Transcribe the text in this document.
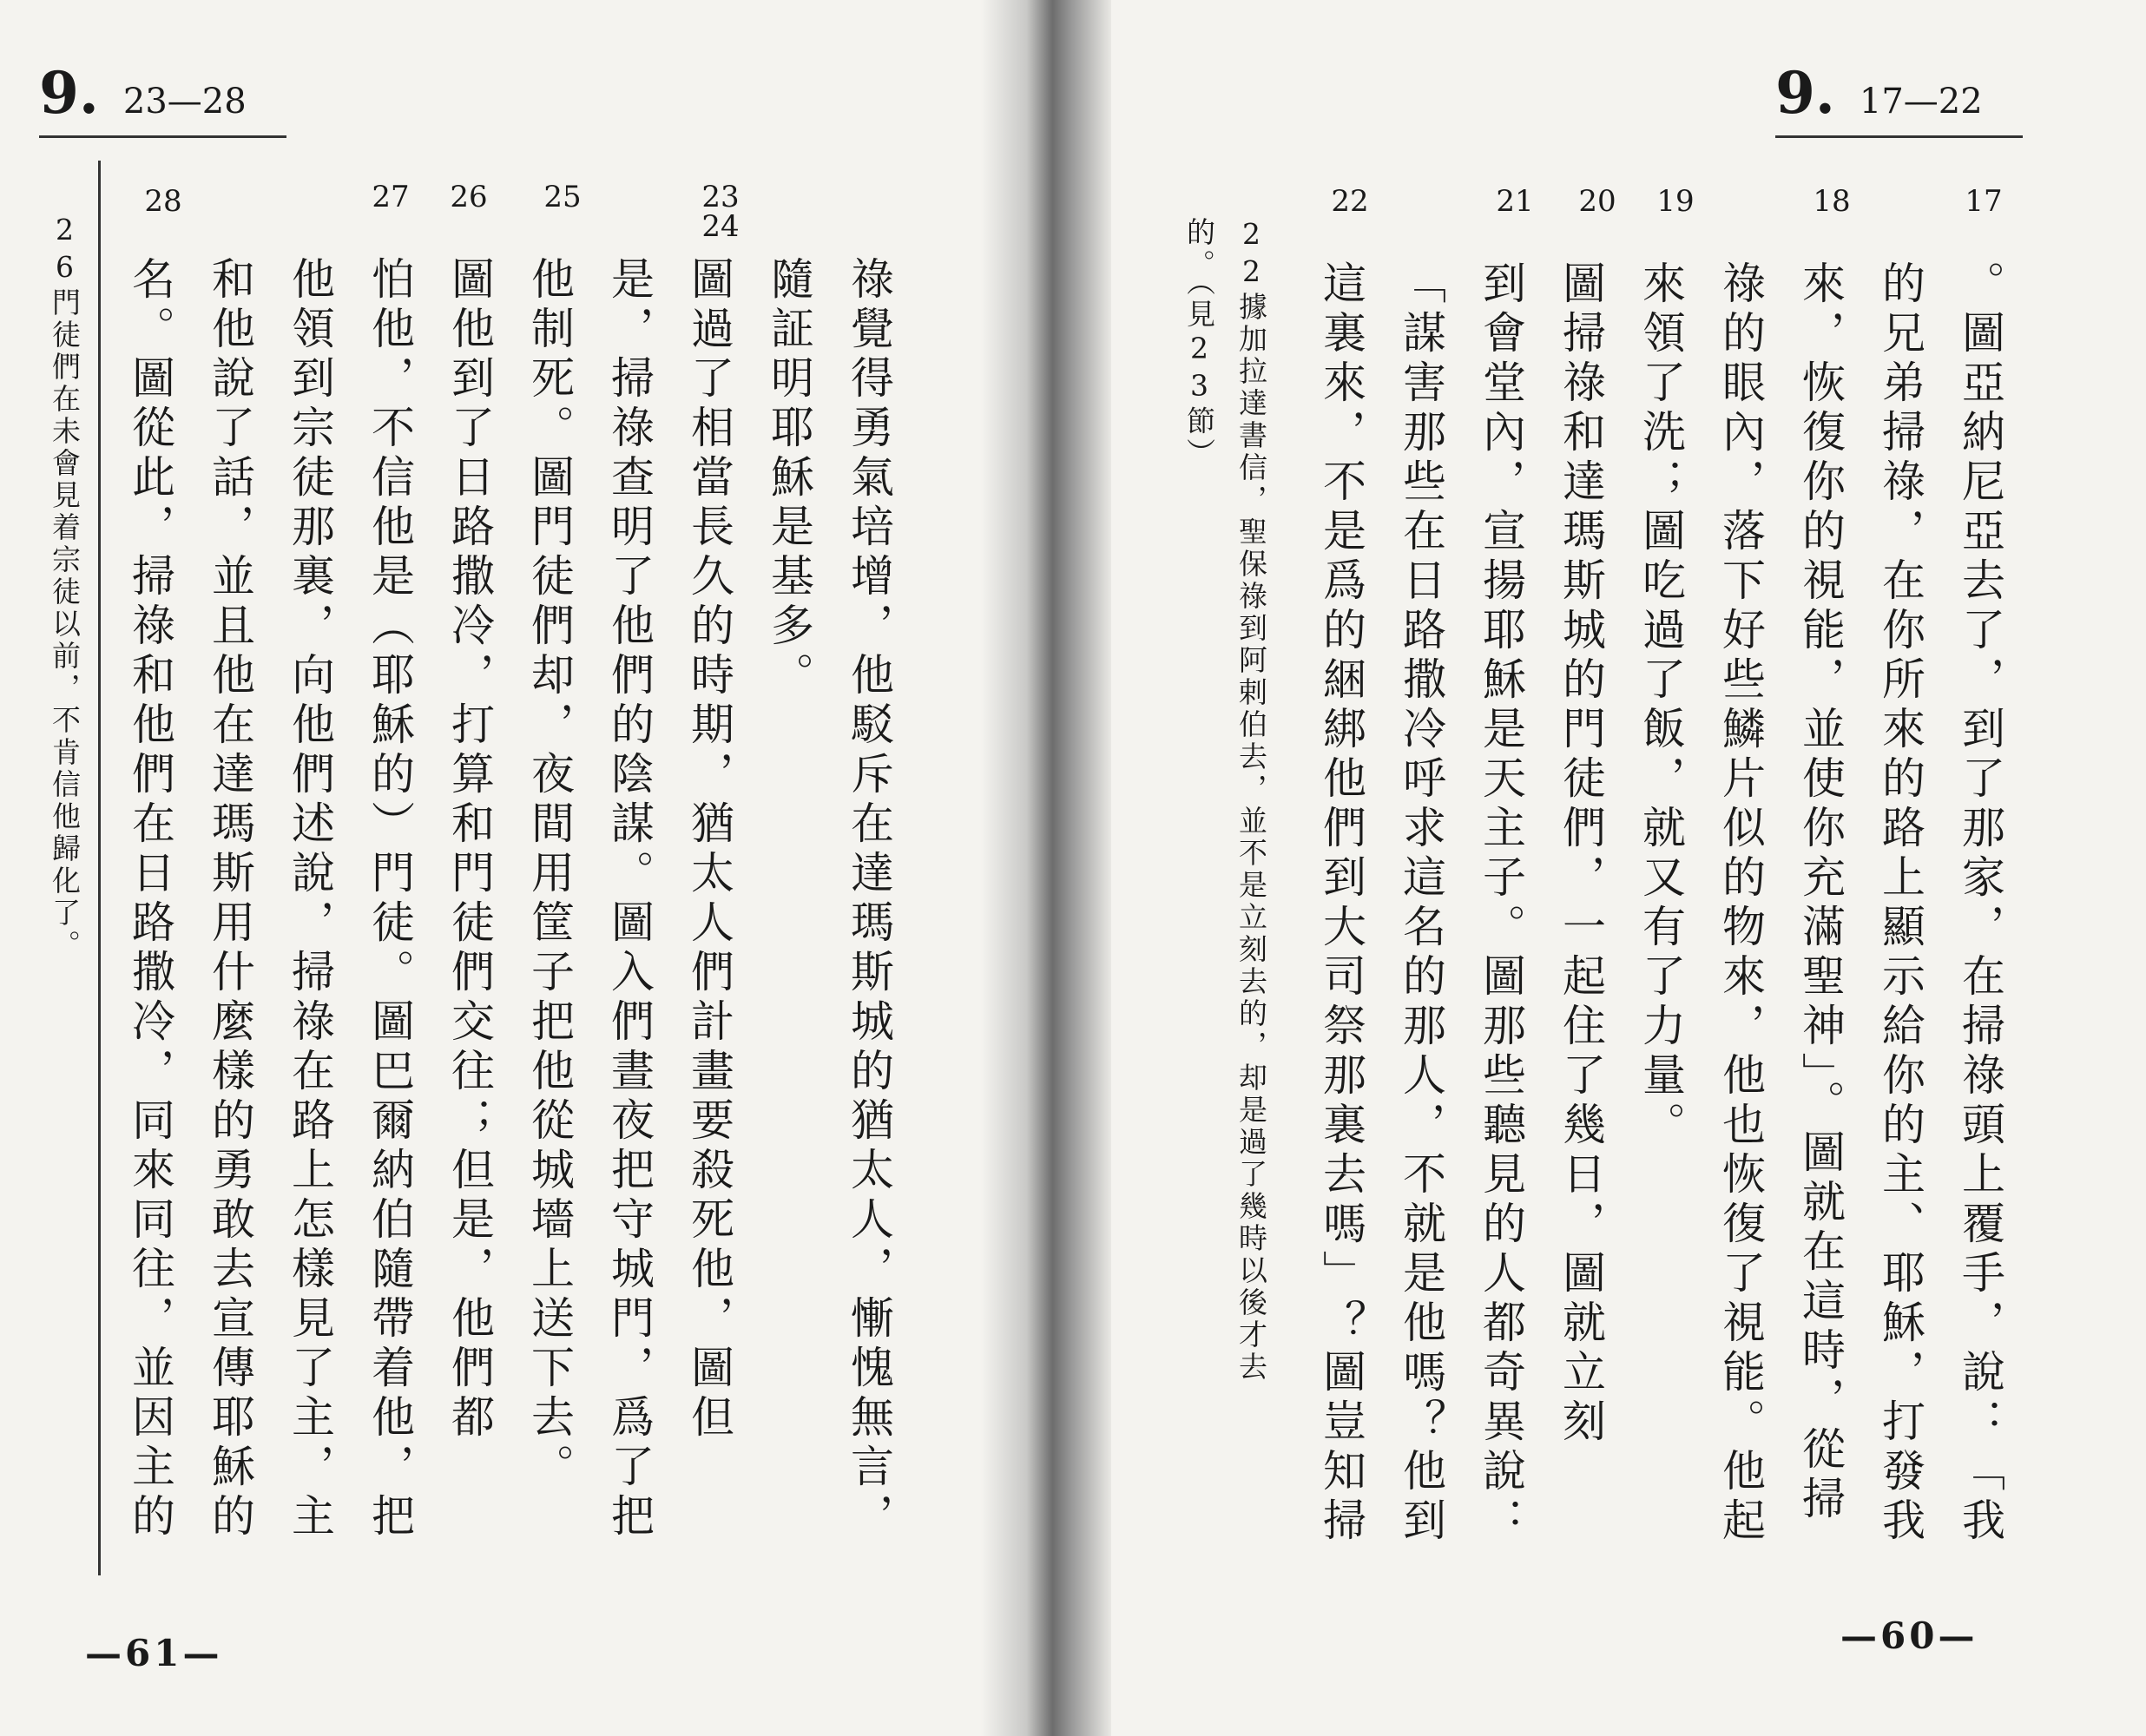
9. 23—28
26門徒們在未會見着宗徒以前，不肯信他歸化了。
28	27	26	25	23
24
名。圖從此，掃祿和他們在日路撒冷，同來同往，並因主的 和他說了話，並且他在達瑪斯用什麼樣的勇敢去宣傳耶穌的 他領到宗徒那裏，向他們述說，掃祿在路上怎樣見了主，主 怕他，不信他是（耶穌的）門徒。圖巴爾納伯隨帶着他，把 圖他到了日路撒冷，打算和門徒們交往；但是，他們都 他制死。圖門徒們却，夜間用筐子把他從城墻上送下去。 是，掃祿查明了他們的陰謀。圖入們晝夜把守城門，爲了把 圖過了相當長久的時期，猶太人們計畫要殺死他，圖但 隨証明耶穌是基多。 祿覺得勇氣培增，他駁斥在達瑪斯城的猶太人，慚愧無言，
—61—
9. 17—22
的。（見23節） 22據加拉達書信，聖保祿到阿剌伯去，並不是立刻去的，却是過了幾時以後才去
22	21	20	19	18	17
這裏來，不是爲的綑綁他們到大司祭那裏去嗎」？圖豈知掃 「謀害那些在日路撒冷呼求這名的那人，不就是他嗎？他到 到會堂內，宣揚耶穌是天主子。圖那些聽見的人都奇異說： 圖掃祿和達瑪斯城的門徒們，一起住了幾日，圖就立刻 來領了洗；圖吃過了飯，就又有了力量。 祿的眼內，落下好些鱗片似的物來，他也恢復了視能。他起 來，恢復你的視能，並使你充滿聖神」。圖就在這時，從掃 的兄弟掃祿，在你所來的路上顯示給你的主、耶穌，打發我 。圖亞納尼亞去了，到了那家，在掃祿頭上覆手，說：「我
—60—
